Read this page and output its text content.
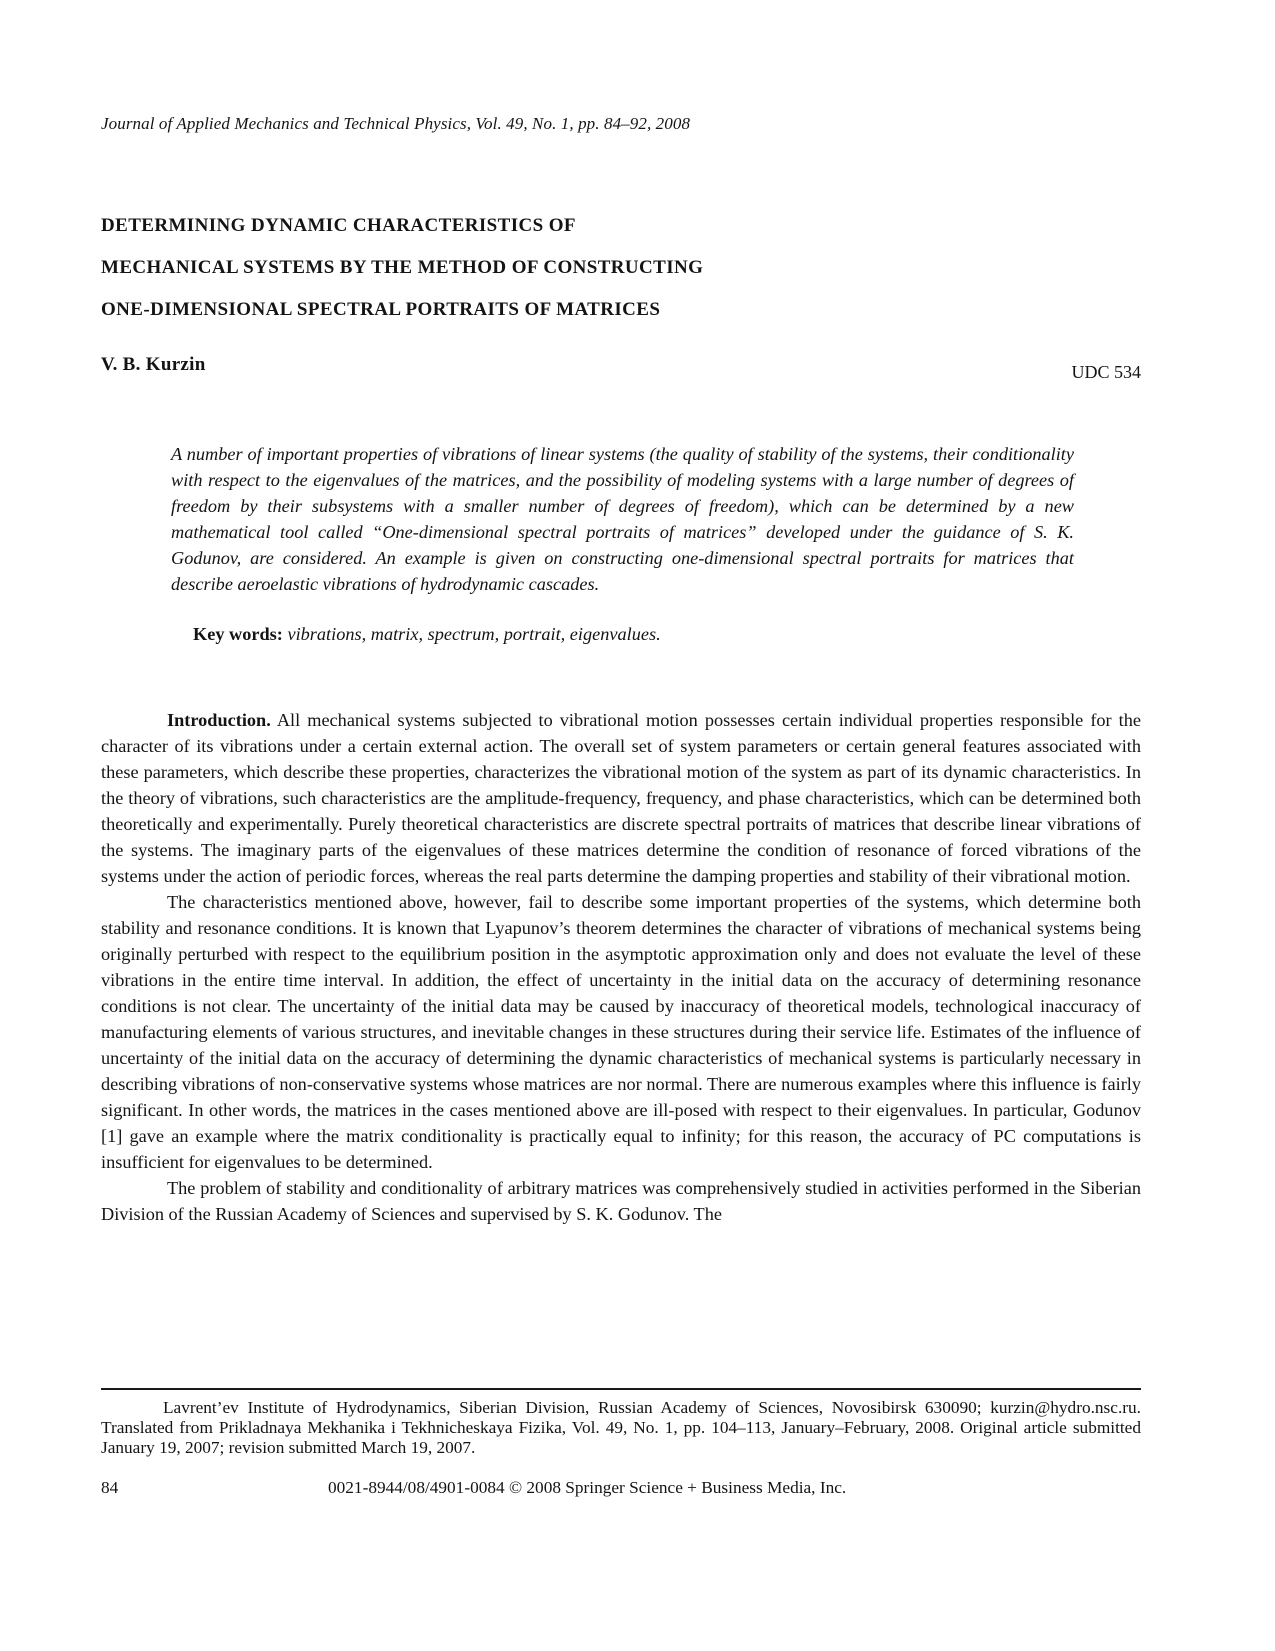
Journal of Applied Mechanics and Technical Physics, Vol. 49, No. 1, pp. 84–92, 2008
DETERMINING DYNAMIC CHARACTERISTICS OF
MECHANICAL SYSTEMS BY THE METHOD OF CONSTRUCTING
ONE-DIMENSIONAL SPECTRAL PORTRAITS OF MATRICES
V. B. Kurzin	UDC 534

A number of important properties of vibrations of linear systems (the quality of stability of the systems, their conditionality with respect to the eigenvalues of the matrices, and the possibility of modeling systems with a large number of degrees of freedom by their subsystems with a smaller number of degrees of freedom), which can be determined by a new mathematical tool called “One-dimensional spectral portraits of matrices” developed under the guidance of S. K. Godunov, are considered. An example is given on constructing one-dimensional spectral portraits for matrices that describe aeroelastic vibrations of hydrodynamic cascades.

Key words: vibrations, matrix, spectrum, portrait, eigenvalues.

Introduction. All mechanical systems subjected to vibrational motion possesses certain individual properties responsible for the character of its vibrations under a certain external action. The overall set of system parameters or certain general features associated with these parameters, which describe these properties, characterizes the vibrational motion of the system as part of its dynamic characteristics. In the theory of vibrations, such characteristics are the amplitude-frequency, frequency, and phase characteristics, which can be determined both theoretically and experimentally. Purely theoretical characteristics are discrete spectral portraits of matrices that describe linear vibrations of the systems. The imaginary parts of the eigenvalues of these matrices determine the condition of resonance of forced vibrations of the systems under the action of periodic forces, whereas the real parts determine the damping properties and stability of their vibrational motion.

The characteristics mentioned above, however, fail to describe some important properties of the systems, which determine both stability and resonance conditions. It is known that Lyapunov’s theorem determines the character of vibrations of mechanical systems being originally perturbed with respect to the equilibrium position in the asymptotic approximation only and does not evaluate the level of these vibrations in the entire time interval. In addition, the effect of uncertainty in the initial data on the accuracy of determining resonance conditions is not clear. The uncertainty of the initial data may be caused by inaccuracy of theoretical models, technological inaccuracy of manufacturing elements of various structures, and inevitable changes in these structures during their service life. Estimates of the influence of uncertainty of the initial data on the accuracy of determining the dynamic characteristics of mechanical systems is particularly necessary in describing vibrations of non-conservative systems whose matrices are nor normal. There are numerous examples where this influence is fairly significant. In other words, the matrices in the cases mentioned above are ill-posed with respect to their eigenvalues. In particular, Godunov [1] gave an example where the matrix conditionality is practically equal to infinity; for this reason, the accuracy of PC computations is insufficient for eigenvalues to be determined.

The problem of stability and conditionality of arbitrary matrices was comprehensively studied in activities performed in the Siberian Division of the Russian Academy of Sciences and supervised by S. K. Godunov. The

Lavrent’ev Institute of Hydrodynamics, Siberian Division, Russian Academy of Sciences, Novosibirsk 630090; kurzin@hydro.nsc.ru. Translated from Prikladnaya Mekhanika i Tekhnicheskaya Fizika, Vol. 49, No. 1, pp. 104–113, January–February, 2008. Original article submitted January 19, 2007; revision submitted March 19, 2007.

84	0021-8944/08/4901-0084 © 2008 Springer Science + Business Media, Inc.
